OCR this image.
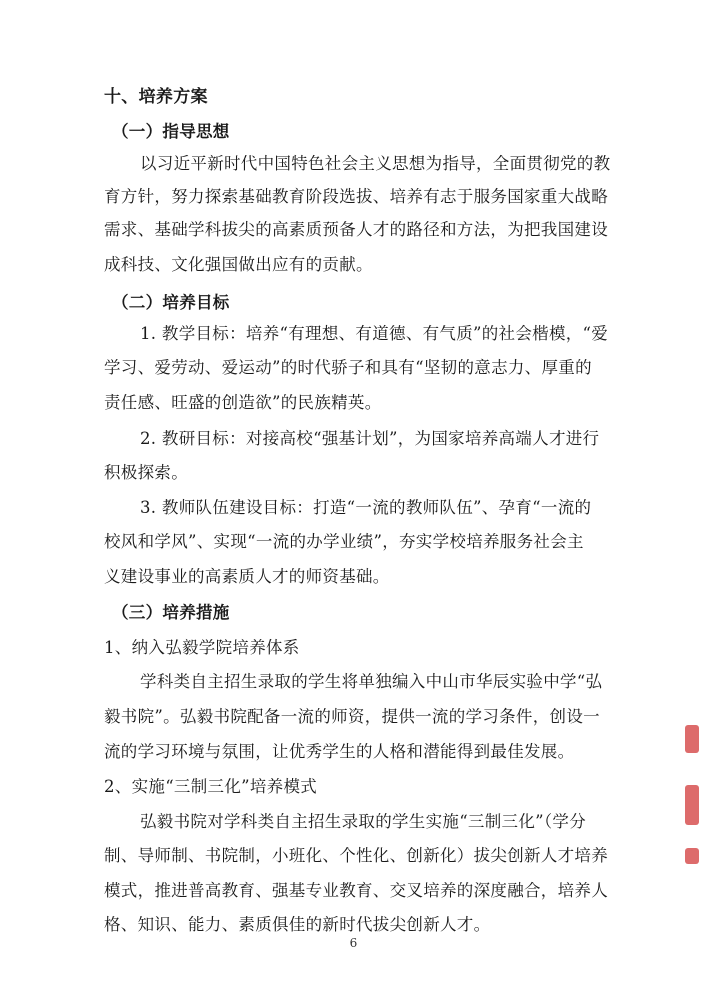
十、培养方案
（一）指导思想
以习近平新时代中国特色社会主义思想为指导，全面贯彻党的教
育方针，努力探索基础教育阶段选拔、培养有志于服务国家重大战略
需求、基础学科拔尖的高素质预备人才的路径和方法，为把我国建设
成科技、文化强国做出应有的贡献。
（二）培养目标
1. 教学目标：培养“有理想、有道德、有气质”的社会楷模，“爱
学习、爱劳动、爱运动”的时代骄子和具有“坚韧的意志力、厚重的
责任感、旺盛的创造欲”的民族精英。
2. 教研目标：对接高校“强基计划”，为国家培养高端人才进行
积极探索。
3. 教师队伍建设目标：打造“一流的教师队伍”、孕育“一流的
校风和学风”、实现“一流的办学业绩”，夯实学校培养服务社会主
义建设事业的高素质人才的师资基础。
（三）培养措施
1、纳入弘毅学院培养体系
学科类自主招生录取的学生将单独编入中山市华辰实验中学“弘
毅书院”。弘毅书院配备一流的师资，提供一流的学习条件，创设一
流的学习环境与氛围，让优秀学生的人格和潜能得到最佳发展。
2、实施“三制三化”培养模式
弘毅书院对学科类自主招生录取的学生实施“三制三化”（学分
制、导师制、书院制，小班化、个性化、创新化）拔尖创新人才培养
模式，推进普高教育、强基专业教育、交叉培养的深度融合，培养人
格、知识、能力、素质俱佳的新时代拔尖创新人才。
6
